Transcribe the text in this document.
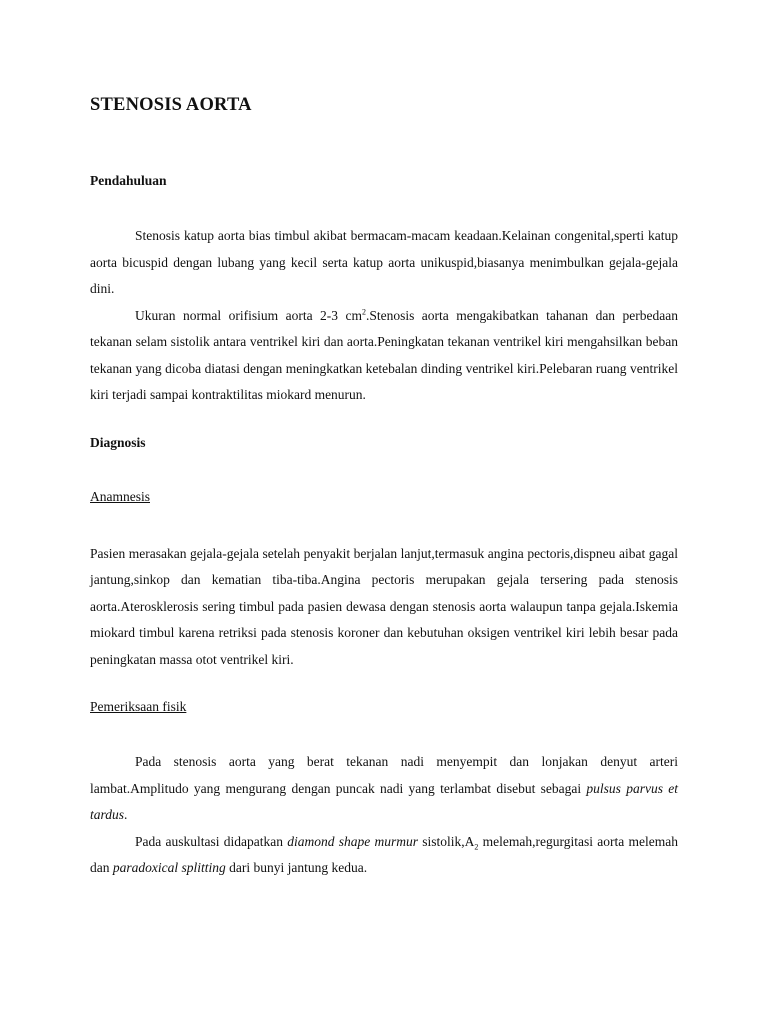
STENOSIS AORTA
Pendahuluan

Stenosis katup aorta bias timbul akibat bermacam-macam keadaan.Kelainan congenital,sperti katup aorta bicuspid dengan lubang yang kecil serta katup aorta unikuspid,biasanya menimbulkan gejala-gejala dini.

Ukuran normal orifisium aorta 2-3 $cm^2.Stenosis$ aorta mengakibatkan tahanan dan perbedaan tekanan selam sistolik antara ventrikel kiri dan aorta.Peningkatan tekanan ventrikel kiri mengahsilkan beban tekanan yang dicoba diatasi dengan meningkatkan ketebalan dinding ventrikel kiri.Pelebaran ruang ventrikel kiri terjadi sampai kontraktilitas miokard menurun.

Diagnosis
Anamnesis

Pasien merasakan gejala-gejala setelah penyakit berjalan lanjut,termasuk angina pectoris,dispneu aibat gagal jantung,sinkop dan kematian tiba-tiba.Angina pectoris merupakan gejala tersering pada stenosis aorta.Aterosklerosis sering timbul pada pasien dewasa dengan stenosis aorta walaupun tanpa gejala.Iskemia miokard timbul karena retriksi pada stenosis koroner dan kebutuhan oksigen ventrikel kiri lebih besar pada peningkatan massa otot ventrikel kiri.

Pemeriksaan fisik

Pada stenosis aorta yang berat tekanan nadi menyempit dan lonjakan denyut arteri lambat.Amplitudo yang mengurang dengan puncak nadi yang terlambat disebut sebagai pulsus parvus et tardus.

Pada auskultasi didapatkan diamond shape murmur $sistolik,A_2$ melemah,regurgitasi aorta melemah dan paradoxical splitting dari bunyi jantung kedua.
